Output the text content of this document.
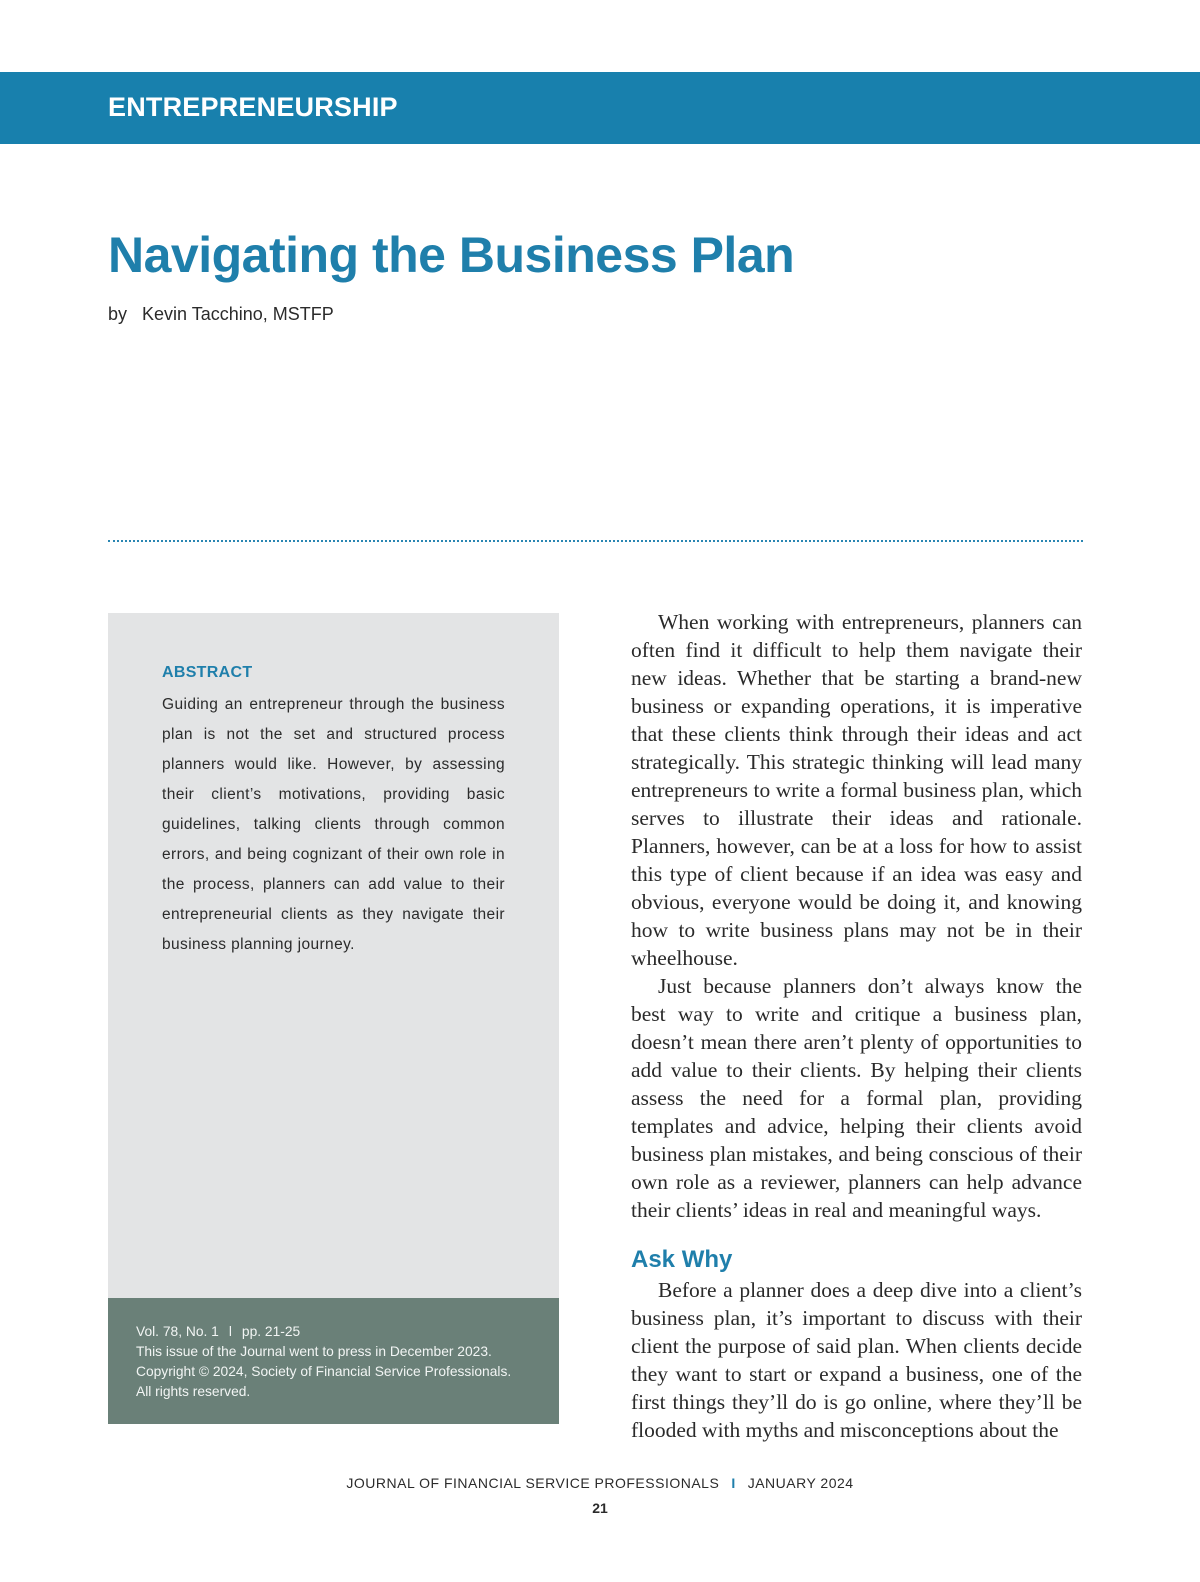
ENTREPRENEURSHIP
Navigating the Business Plan
by Kevin Tacchino, MSTFP
ABSTRACT
Guiding an entrepreneur through the business plan is not the set and structured process planners would like. However, by assessing their client’s motivations, providing basic guidelines, talking clients through common errors, and being cognizant of their own role in the process, planners can add value to their entrepreneurial clients as they navigate their business planning journey.
Vol. 78, No. 1 l pp. 21-25
This issue of the Journal went to press in December 2023.
Copyright © 2024, Society of Financial Service Professionals.
All rights reserved.

When working with entrepreneurs, planners can often find it difficult to help them navigate their new ideas. Whether that be starting a brand-new business or expanding operations, it is imperative that these clients think through their ideas and act strategically. This strategic thinking will lead many entrepreneurs to write a formal business plan, which serves to illustrate their ideas and rationale. Planners, however, can be at a loss for how to assist this type of client because if an idea was easy and obvious, everyone would be doing it, and knowing how to write business plans may not be in their wheelhouse.

Just because planners don’t always know the best way to write and critique a business plan, doesn’t mean there aren’t plenty of opportunities to add value to their clients. By helping their clients assess the need for a formal plan, providing templates and advice, helping their clients avoid business plan mistakes, and being conscious of their own role as a reviewer, planners can help advance their clients’ ideas in real and meaningful ways.

Ask Why

Before a planner does a deep dive into a client’s business plan, it’s important to discuss with their client the purpose of said plan. When clients decide they want to start or expand a business, one of the first things they’ll do is go online, where they’ll be flooded with myths and misconceptions about the

JOURNAL OF FINANCIAL SERVICE PROFESSIONALS I JANUARY 2024
21
